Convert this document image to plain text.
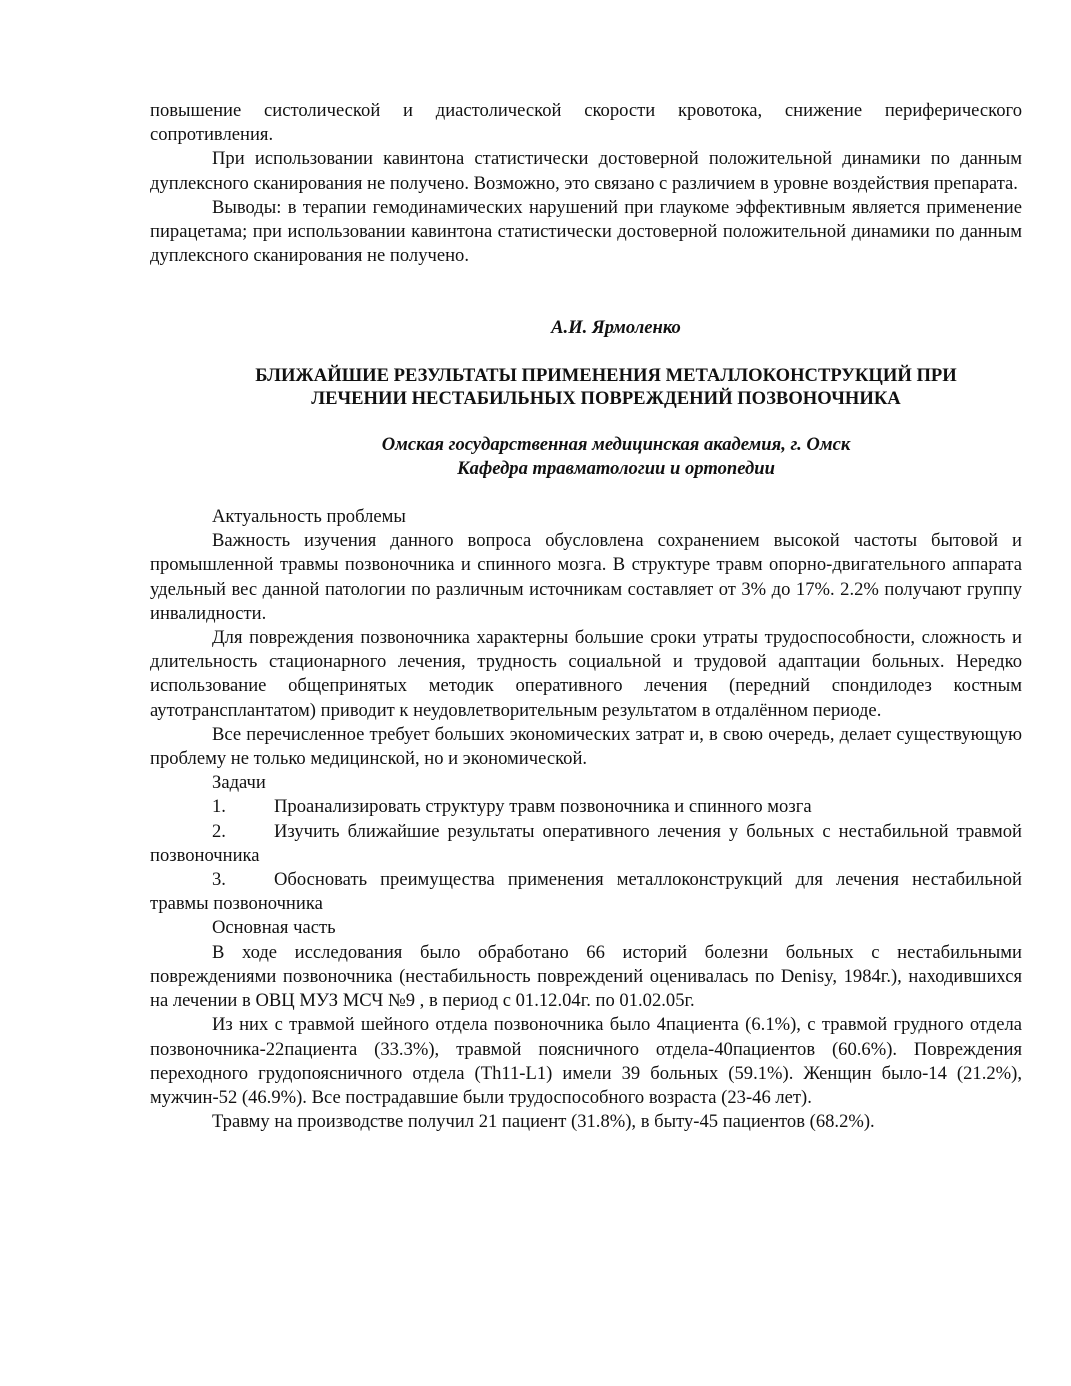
повышение систолической и диастолической скорости кровотока, снижение периферического сопротивления.

При использовании кавинтона статистически достоверной положительной динамики по данным дуплексного сканирования не получено. Возможно, это связано с различием в уровне воздействия препарата.

Выводы: в терапии гемодинамических нарушений при глаукоме эффективным является применение пирацетама; при использовании кавинтона статистически достоверной положительной динамики по данным дуплексного сканирования не получено.

А.И. Ярмоленко
БЛИЖАЙШИЕ РЕЗУЛЬТАТЫ ПРИМЕНЕНИЯ МЕТАЛЛОКОНСТРУКЦИЙ ПРИ
ЛЕЧЕНИИ НЕСТАБИЛЬНЫХ ПОВРЕЖДЕНИЙ ПОЗВОНОЧНИКА
Омская государственная медицинская академия, г. Омск
Кафедра травматологии и ортопедии

Актуальность проблемы

Важность изучения данного вопроса обусловлена сохранением высокой частоты бытовой и промышленной травмы позвоночника и спинного мозга. В структуре травм опорно-двигательного аппарата удельный вес данной патологии по различным источникам составляет от 3% до 17%. 2.2% получают группу инвалидности.

Для повреждения позвоночника характерны большие сроки утраты трудоспособности, сложность и длительность стационарного лечения, трудность социальной и трудовой адаптации больных. Нередко использование общепринятых методик оперативного лечения (передний спондилодез костным аутотрансплантатом) приводит к неудовлетворительным результатом в отдалённом периоде.

Все перечисленное требует больших экономических затрат и, в свою очередь, делает существующую проблему не только медицинской, но и экономической.

Задачи

1.	Проанализировать структуру травм позвоночника и спинного мозга

2.	Изучить ближайшие результаты оперативного лечения у больных с нестабильной травмой позвоночника

3.	Обосновать преимущества применения металлоконструкций для лечения нестабильной травмы позвоночника

Основная часть

В ходе исследования было обработано 66 историй болезни больных с нестабильными повреждениями позвоночника (нестабильность повреждений оценивалась по Denisy, 1984г.), находившихся на лечении в ОВЦ МУЗ МСЧ №9 , в период с 01.12.04г. по 01.02.05г.

Из них с травмой шейного отдела позвоночника было 4пациента (6.1%), с травмой грудного отдела позвоночника-22пациента (33.3%), травмой поясничного отдела-40пациентов (60.6%). Повреждения переходного грудопоясничного отдела (Th11-L1) имели 39 больных (59.1%). Женщин было-14 (21.2%), мужчин-52 (46.9%). Все пострадавшие были трудоспособного возраста (23-46 лет).

Травму на производстве получил 21 пациент (31.8%), в быту-45 пациентов (68.2%).
